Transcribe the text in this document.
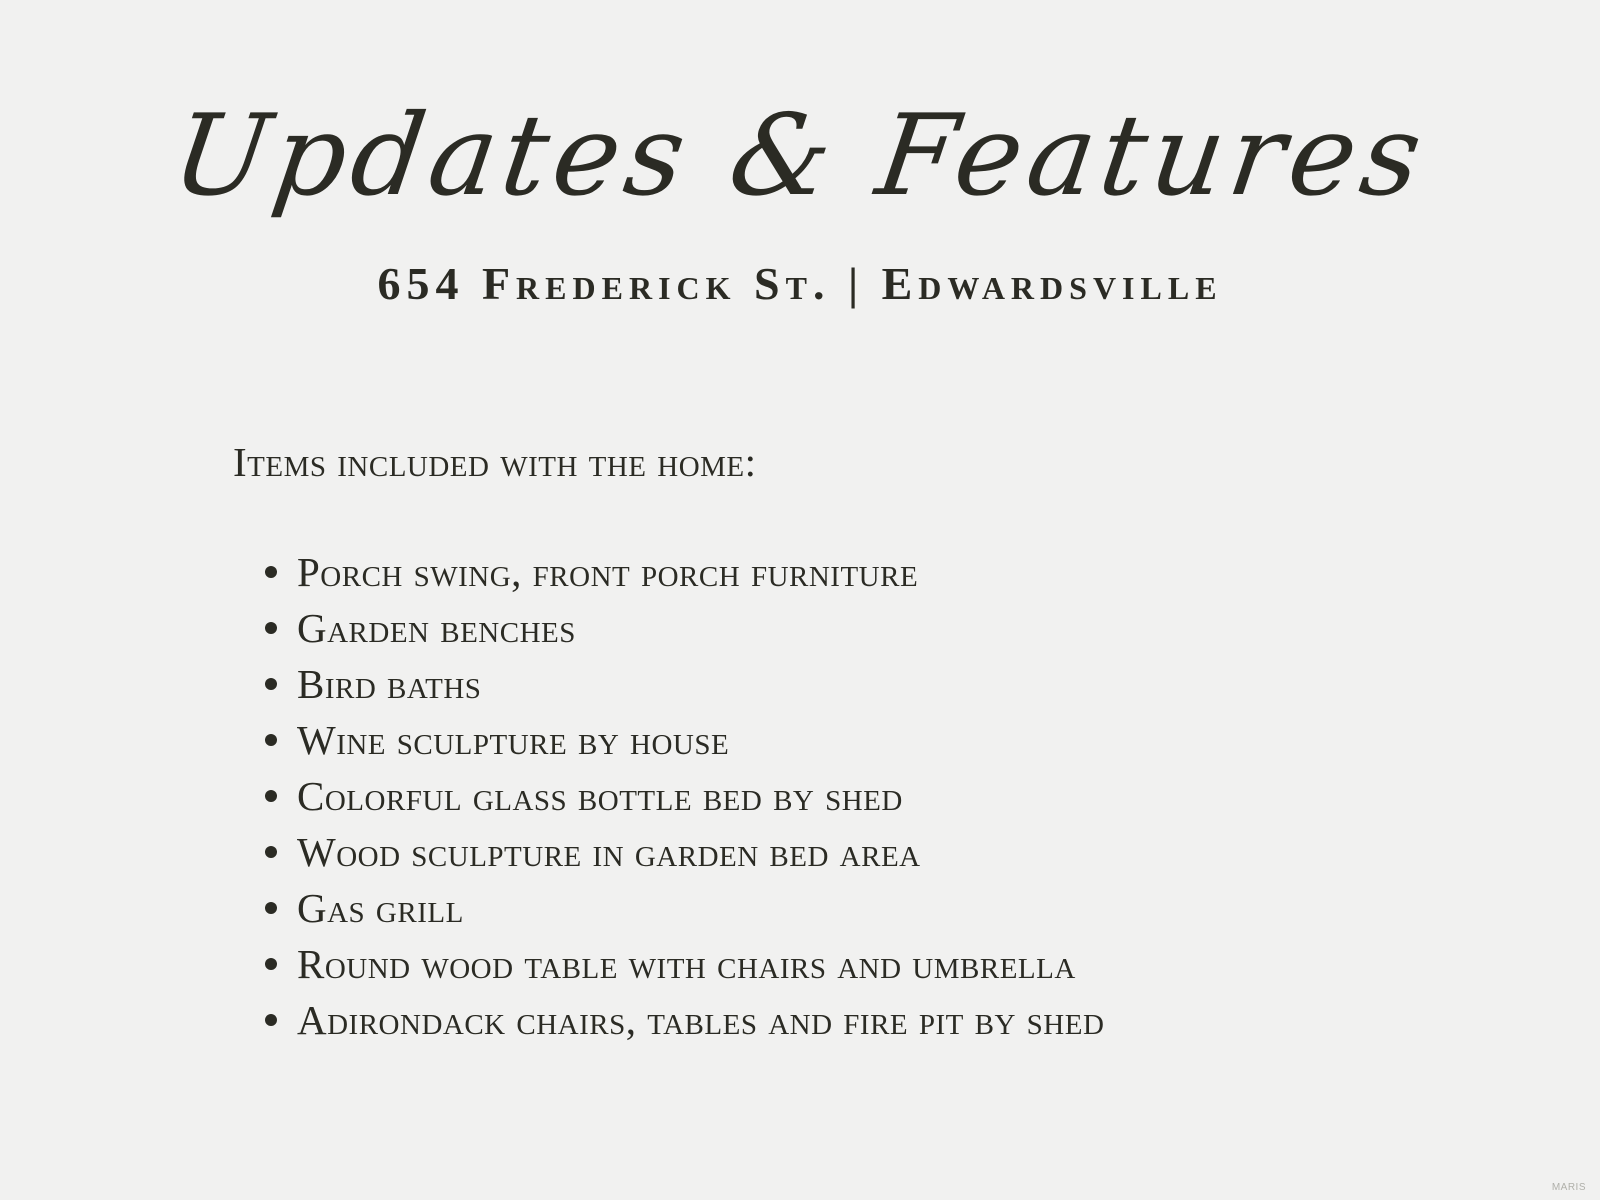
Updates & Features
654 Frederick St. | Edwardsville
Items included with the home:
Porch swing, front porch furniture
Garden benches
Bird baths
Wine sculpture by house
Colorful glass bottle bed by shed
Wood sculpture in garden bed area
Gas grill
Round wood table with chairs and umbrella
Adirondack chairs, tables and fire pit by shed
MARIS
